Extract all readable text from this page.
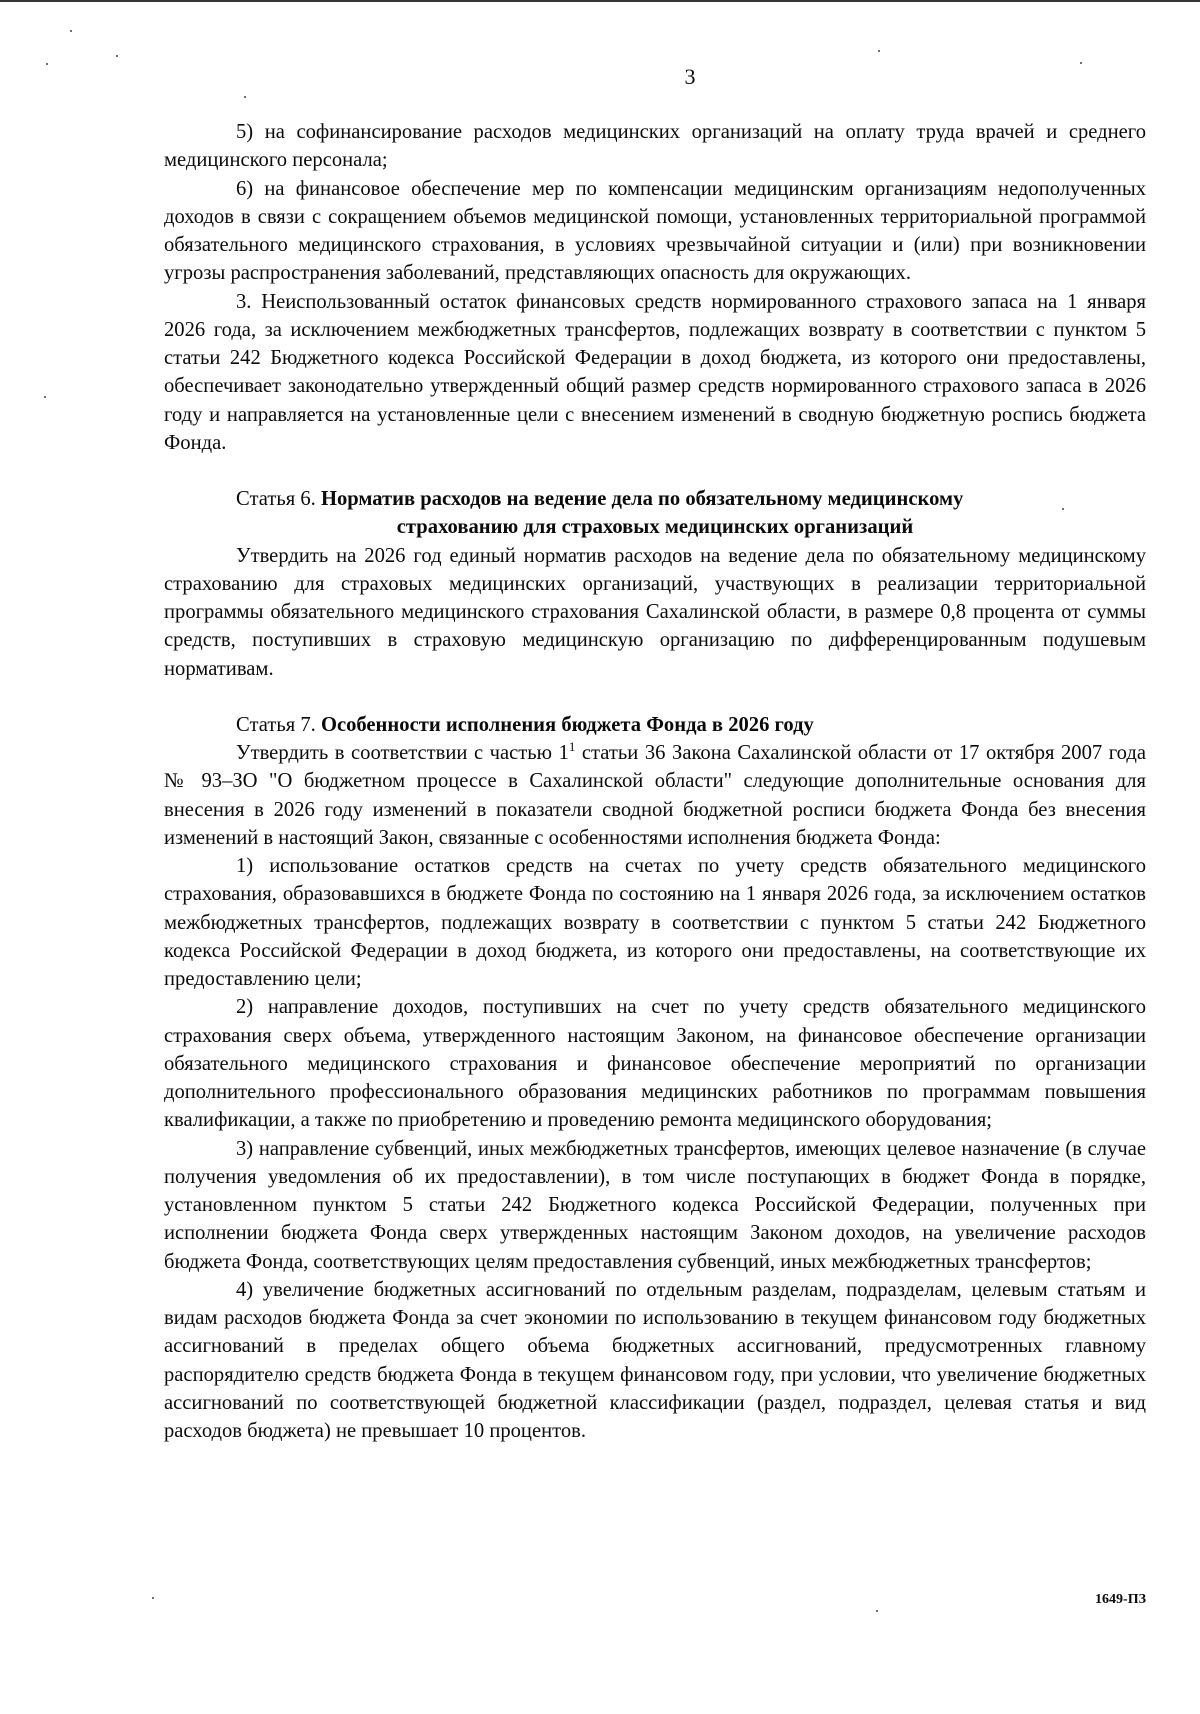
3

5) на софинансирование расходов медицинских организаций на оплату труда врачей и среднего медицинского персонала;

6) на финансовое обеспечение мер по компенсации медицинским организациям недополученных доходов в связи с сокращением объемов медицинской помощи, установленных территориальной программой обязательного медицинского страхования, в условиях чрезвычайной ситуации и (или) при возникновении угрозы распространения заболеваний, представляющих опасность для окружающих.

3. Неиспользованный остаток финансовых средств нормированного страхового запаса на 1 января 2026 года, за исключением межбюджетных трансфертов, подлежащих возврату в соответствии с пунктом 5 статьи 242 Бюджетного кодекса Российской Федерации в доход бюджета, из которого они предоставлены, обеспечивает законодательно утвержденный общий размер средств нормированного страхового запаса в 2026 году и направляется на установленные цели с внесением изменений в сводную бюджетную роспись бюджета Фонда.

Статья 6. Норматив расходов на ведение дела по обязательному медицинскому
страхованию для страховых медицинских организаций

Утвердить на 2026 год единый норматив расходов на ведение дела по обязательному медицинскому страхованию для страховых медицинских организаций, участвующих в реализации территориальной программы обязательного медицинского страхования Сахалинской области, в размере 0,8 процента от суммы средств, поступивших в страховую медицинскую организацию по дифференцированным подушевым нормативам.

Статья 7. Особенности исполнения бюджета Фонда в 2026 году

Утвердить в соответствии с частью $1^1$ статьи 36 Закона Сахалинской области от 17 октября 2007 года № 93–ЗО "О бюджетном процессе в Сахалинской области" следующие дополнительные основания для внесения в 2026 году изменений в показатели сводной бюджетной росписи бюджета Фонда без внесения изменений в настоящий Закон, связанные с особенностями исполнения бюджета Фонда:

1) использование остатков средств на счетах по учету средств обязательного медицинского страхования, образовавшихся в бюджете Фонда по состоянию на 1 января 2026 года, за исключением остатков межбюджетных трансфертов, подлежащих возврату в соответствии с пунктом 5 статьи 242 Бюджетного кодекса Российской Федерации в доход бюджета, из которого они предоставлены, на соответствующие их предоставлению цели;

2) направление доходов, поступивших на счет по учету средств обязательного медицинского страхования сверх объема, утвержденного настоящим Законом, на финансовое обеспечение организации обязательного медицинского страхования и финансовое обеспечение мероприятий по организации дополнительного профессионального образования медицинских работников по программам повышения квалификации, а также по приобретению и проведению ремонта медицинского оборудования;

3) направление субвенций, иных межбюджетных трансфертов, имеющих целевое назначение (в случае получения уведомления об их предоставлении), в том числе поступающих в бюджет Фонда в порядке, установленном пунктом 5 статьи 242 Бюджетного кодекса Российской Федерации, полученных при исполнении бюджета Фонда сверх утвержденных настоящим Законом доходов, на увеличение расходов бюджета Фонда, соответствующих целям предоставления субвенций, иных межбюджетных трансфертов;

4) увеличение бюджетных ассигнований по отдельным разделам, подразделам, целевым статьям и видам расходов бюджета Фонда за счет экономии по использованию в текущем финансовом году бюджетных ассигнований в пределах общего объема бюджетных ассигнований, предусмотренных главному распорядителю средств бюджета Фонда в текущем финансовом году, при условии, что увеличение бюджетных ассигнований по соответствующей бюджетной классификации (раздел, подраздел, целевая статья и вид расходов бюджета) не превышает 10 процентов.

1649-ПЗ
